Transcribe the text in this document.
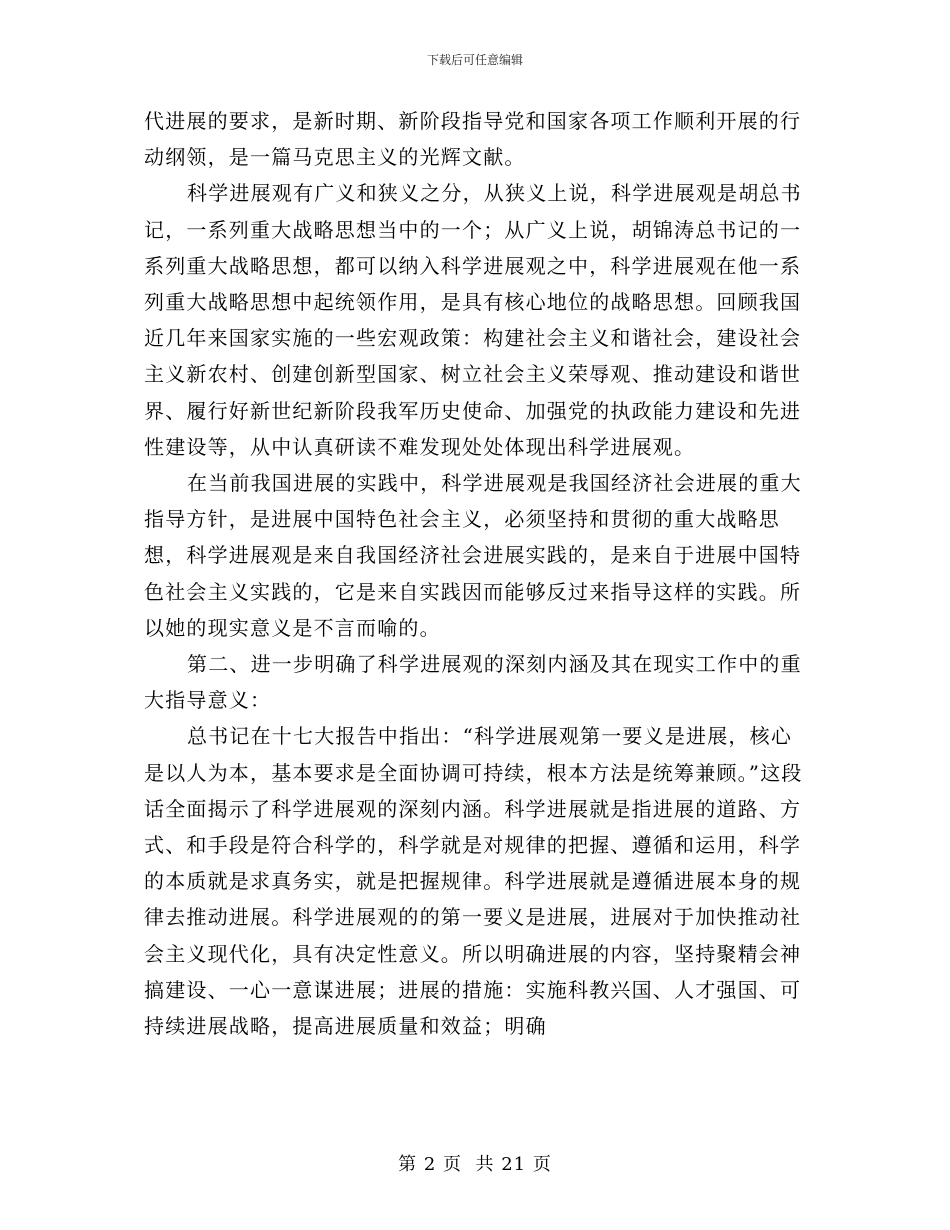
下载后可任意编辑

代进展的要求，是新时期、新阶段指导党和国家各项工作顺利开展的行动纲领，是一篇马克思主义的光辉文献。

科学进展观有广义和狭义之分，从狭义上说，科学进展观是胡总书记，一系列重大战略思想当中的一个；从广义上说，胡锦涛总书记的一系列重大战略思想，都可以纳入科学进展观之中，科学进展观在他一系列重大战略思想中起统领作用，是具有核心地位的战略思想。回顾我国近几年来国家实施的一些宏观政策：构建社会主义和谐社会，建设社会主义新农村、创建创新型国家、树立社会主义荣辱观、推动建设和谐世界、履行好新世纪新阶段我军历史使命、加强党的执政能力建设和先进性建设等，从中认真研读不难发现处处体现出科学进展观。

在当前我国进展的实践中，科学进展观是我国经济社会进展的重大指导方针，是进展中国特色社会主义，必须坚持和贯彻的重大战略思想，科学进展观是来自我国经济社会进展实践的，是来自于进展中国特色社会主义实践的，它是来自实践因而能够反过来指导这样的实践。所以她的现实意义是不言而喻的。

第二、进一步明确了科学进展观的深刻内涵及其在现实工作中的重大指导意义：

总书记在十七大报告中指出：“科学进展观第一要义是进展，核心是以人为本，基本要求是全面协调可持续，根本方法是统筹兼顾。”这段话全面揭示了科学进展观的深刻内涵。科学进展就是指进展的道路、方式、和手段是符合科学的，科学就是对规律的把握、遵循和运用，科学的本质就是求真务实，就是把握规律。科学进展就是遵循进展本身的规律去推动进展。科学进展观的的第一要义是进展，进展对于加快推动社会主义现代化，具有决定性意义。所以明确进展的内容，坚持聚精会神搞建设、一心一意谋进展；进展的措施：实施科教兴国、人才强国、可持续进展战略，提高进展质量和效益；明确

第 2 页  共 21 页
